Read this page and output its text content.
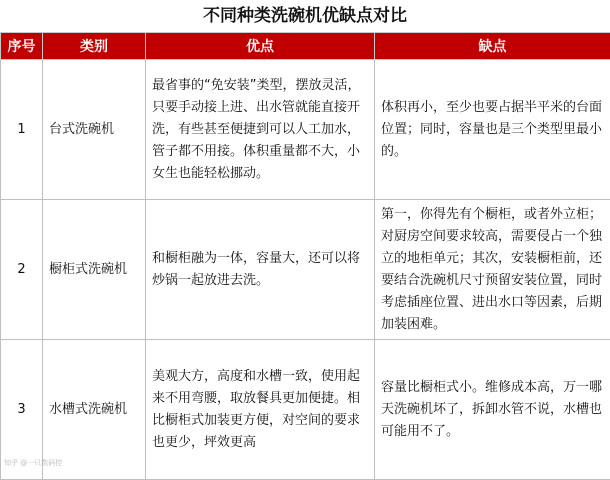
不同种类洗碗机优缺点对比
序号	类别	优点	缺点
1	台式洗碗机	最省事的“免安装”类型，摆放灵活，只要手动接上进、出水管就能直接开洗，有些甚至便捷到可以人工加水，管子都不用接。体积重量都不大，小女生也能轻松挪动。	体积再小，至少也要占据半平米的台面位置；同时，容量也是三个类型里最小的。
2	橱柜式洗碗机	和橱柜融为一体，容量大，还可以将炒锅一起放进去洗。	第一，你得先有个橱柜，或者外立柜；对厨房空间要求较高，需要侵占一个独立的地柜单元；其次，安装橱柜前，还要结合洗碗机尺寸预留安装位置，同时考虑插座位置、进出水口等因素，后期加装困难。
3	水槽式洗碗机	美观大方，高度和水槽一致，使用起来不用弯腰，取放餐具更加便捷。相比橱柜式加装更方便，对空间的要求也更少，坪效更高	容量比橱柜式小。维修成本高，万一哪天洗碗机坏了，拆卸水管不说，水槽也可能用不了。
知乎 @一只数码控
